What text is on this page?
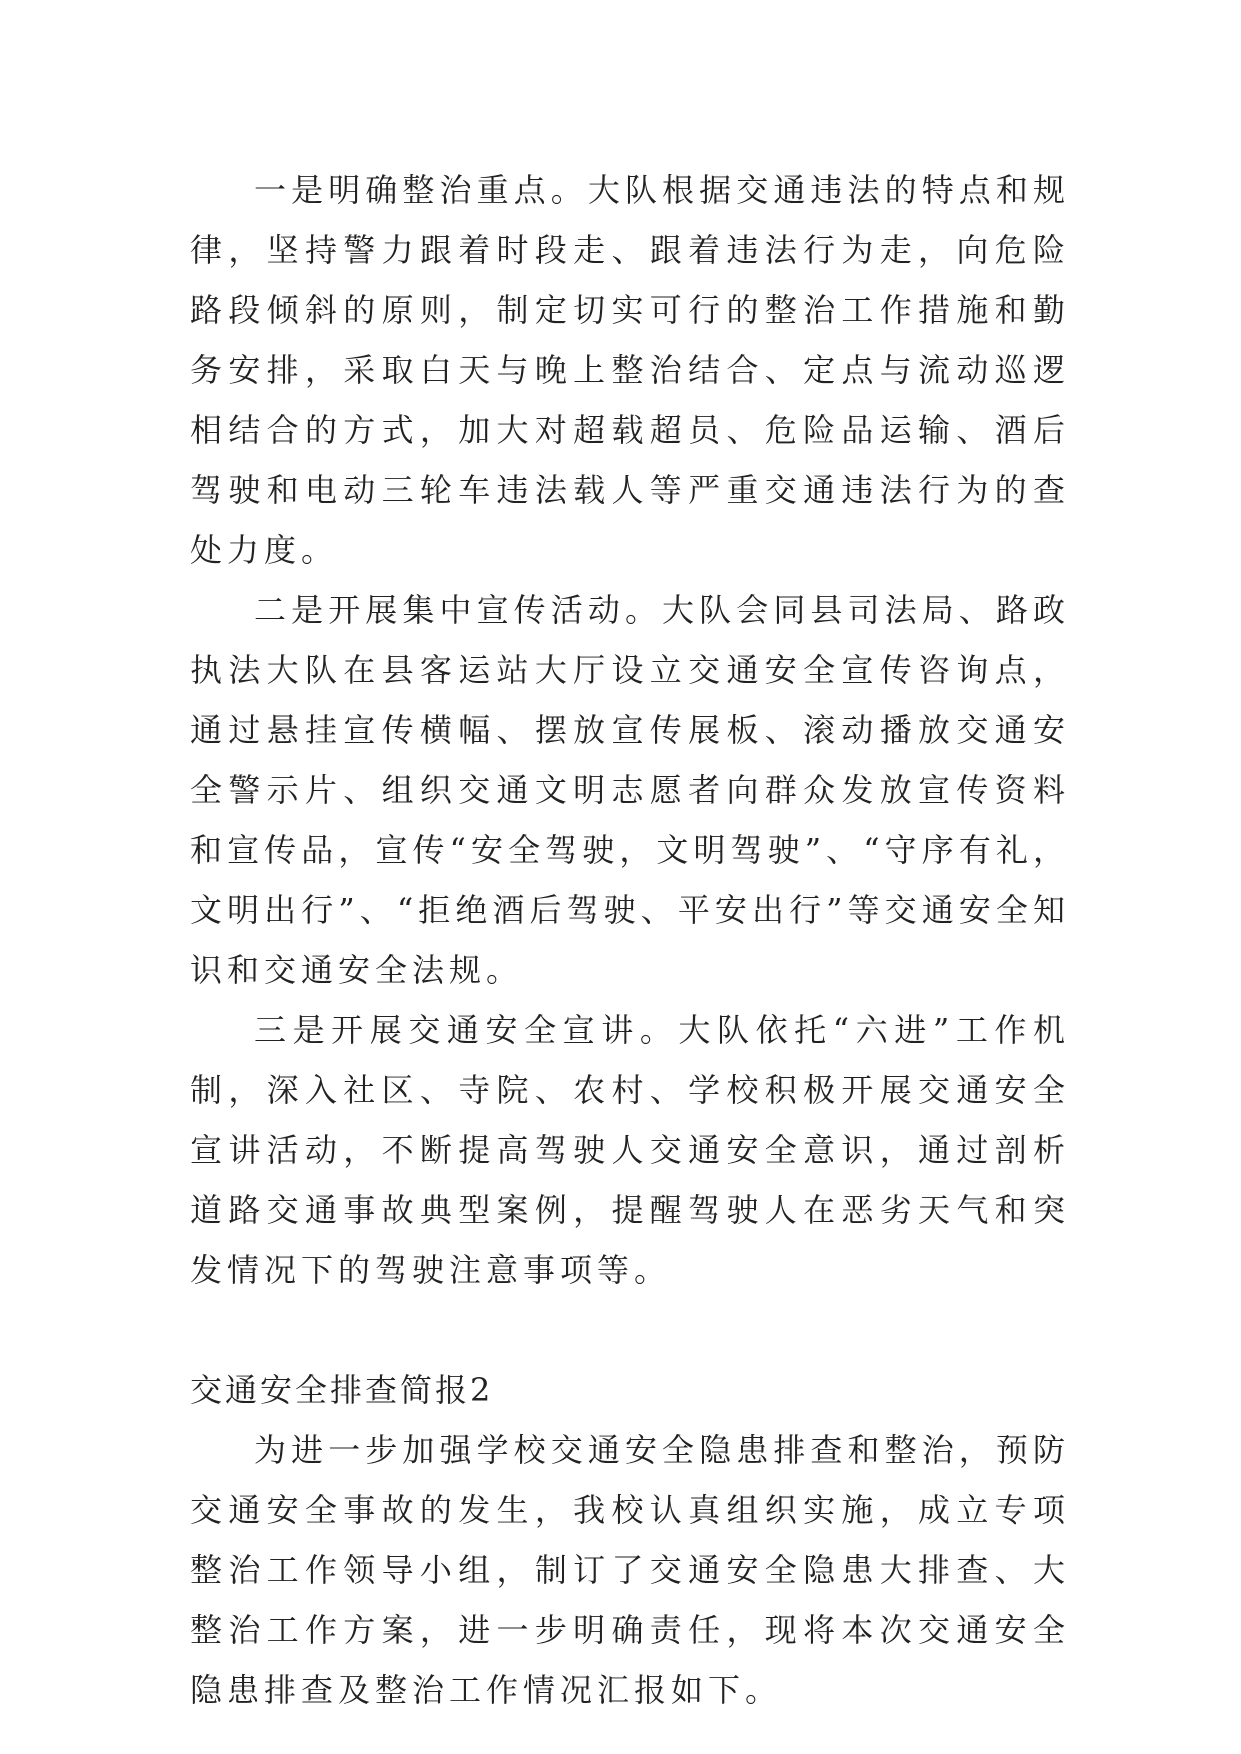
一是明确整治重点。大队根据交通违法的特点和规律，坚持警力跟着时段走、跟着违法行为走，向危险路段倾斜的原则，制定切实可行的整治工作措施和勤务安排，采取白天与晚上整治结合、定点与流动巡逻相结合的方式，加大对超载超员、危险品运输、酒后驾驶和电动三轮车违法载人等严重交通违法行为的查处力度。

二是开展集中宣传活动。大队会同县司法局、路政执法大队在县客运站大厅设立交通安全宣传咨询点，通过悬挂宣传横幅、摆放宣传展板、滚动播放交通安全警示片、组织交通文明志愿者向群众发放宣传资料和宣传品，宣传“安全驾驶，文明驾驶”、“守序有礼，文明出行”、“拒绝酒后驾驶、平安出行”等交通安全知识和交通安全法规。

三是开展交通安全宣讲。大队依托“六进”工作机制，深入社区、寺院、农村、学校积极开展交通安全宣讲活动，不断提高驾驶人交通安全意识，通过剖析道路交通事故典型案例，提醒驾驶人在恶劣天气和突发情况下的驾驶注意事项等。

交通安全排查简报2

为进一步加强学校交通安全隐患排查和整治，预防交通安全事故的发生，我校认真组织实施，成立专项整治工作领导小组，制订了交通安全隐患大排查、大整治工作方案，进一步明确责任，现将本次交通安全隐患排查及整治工作情况汇报如下。
